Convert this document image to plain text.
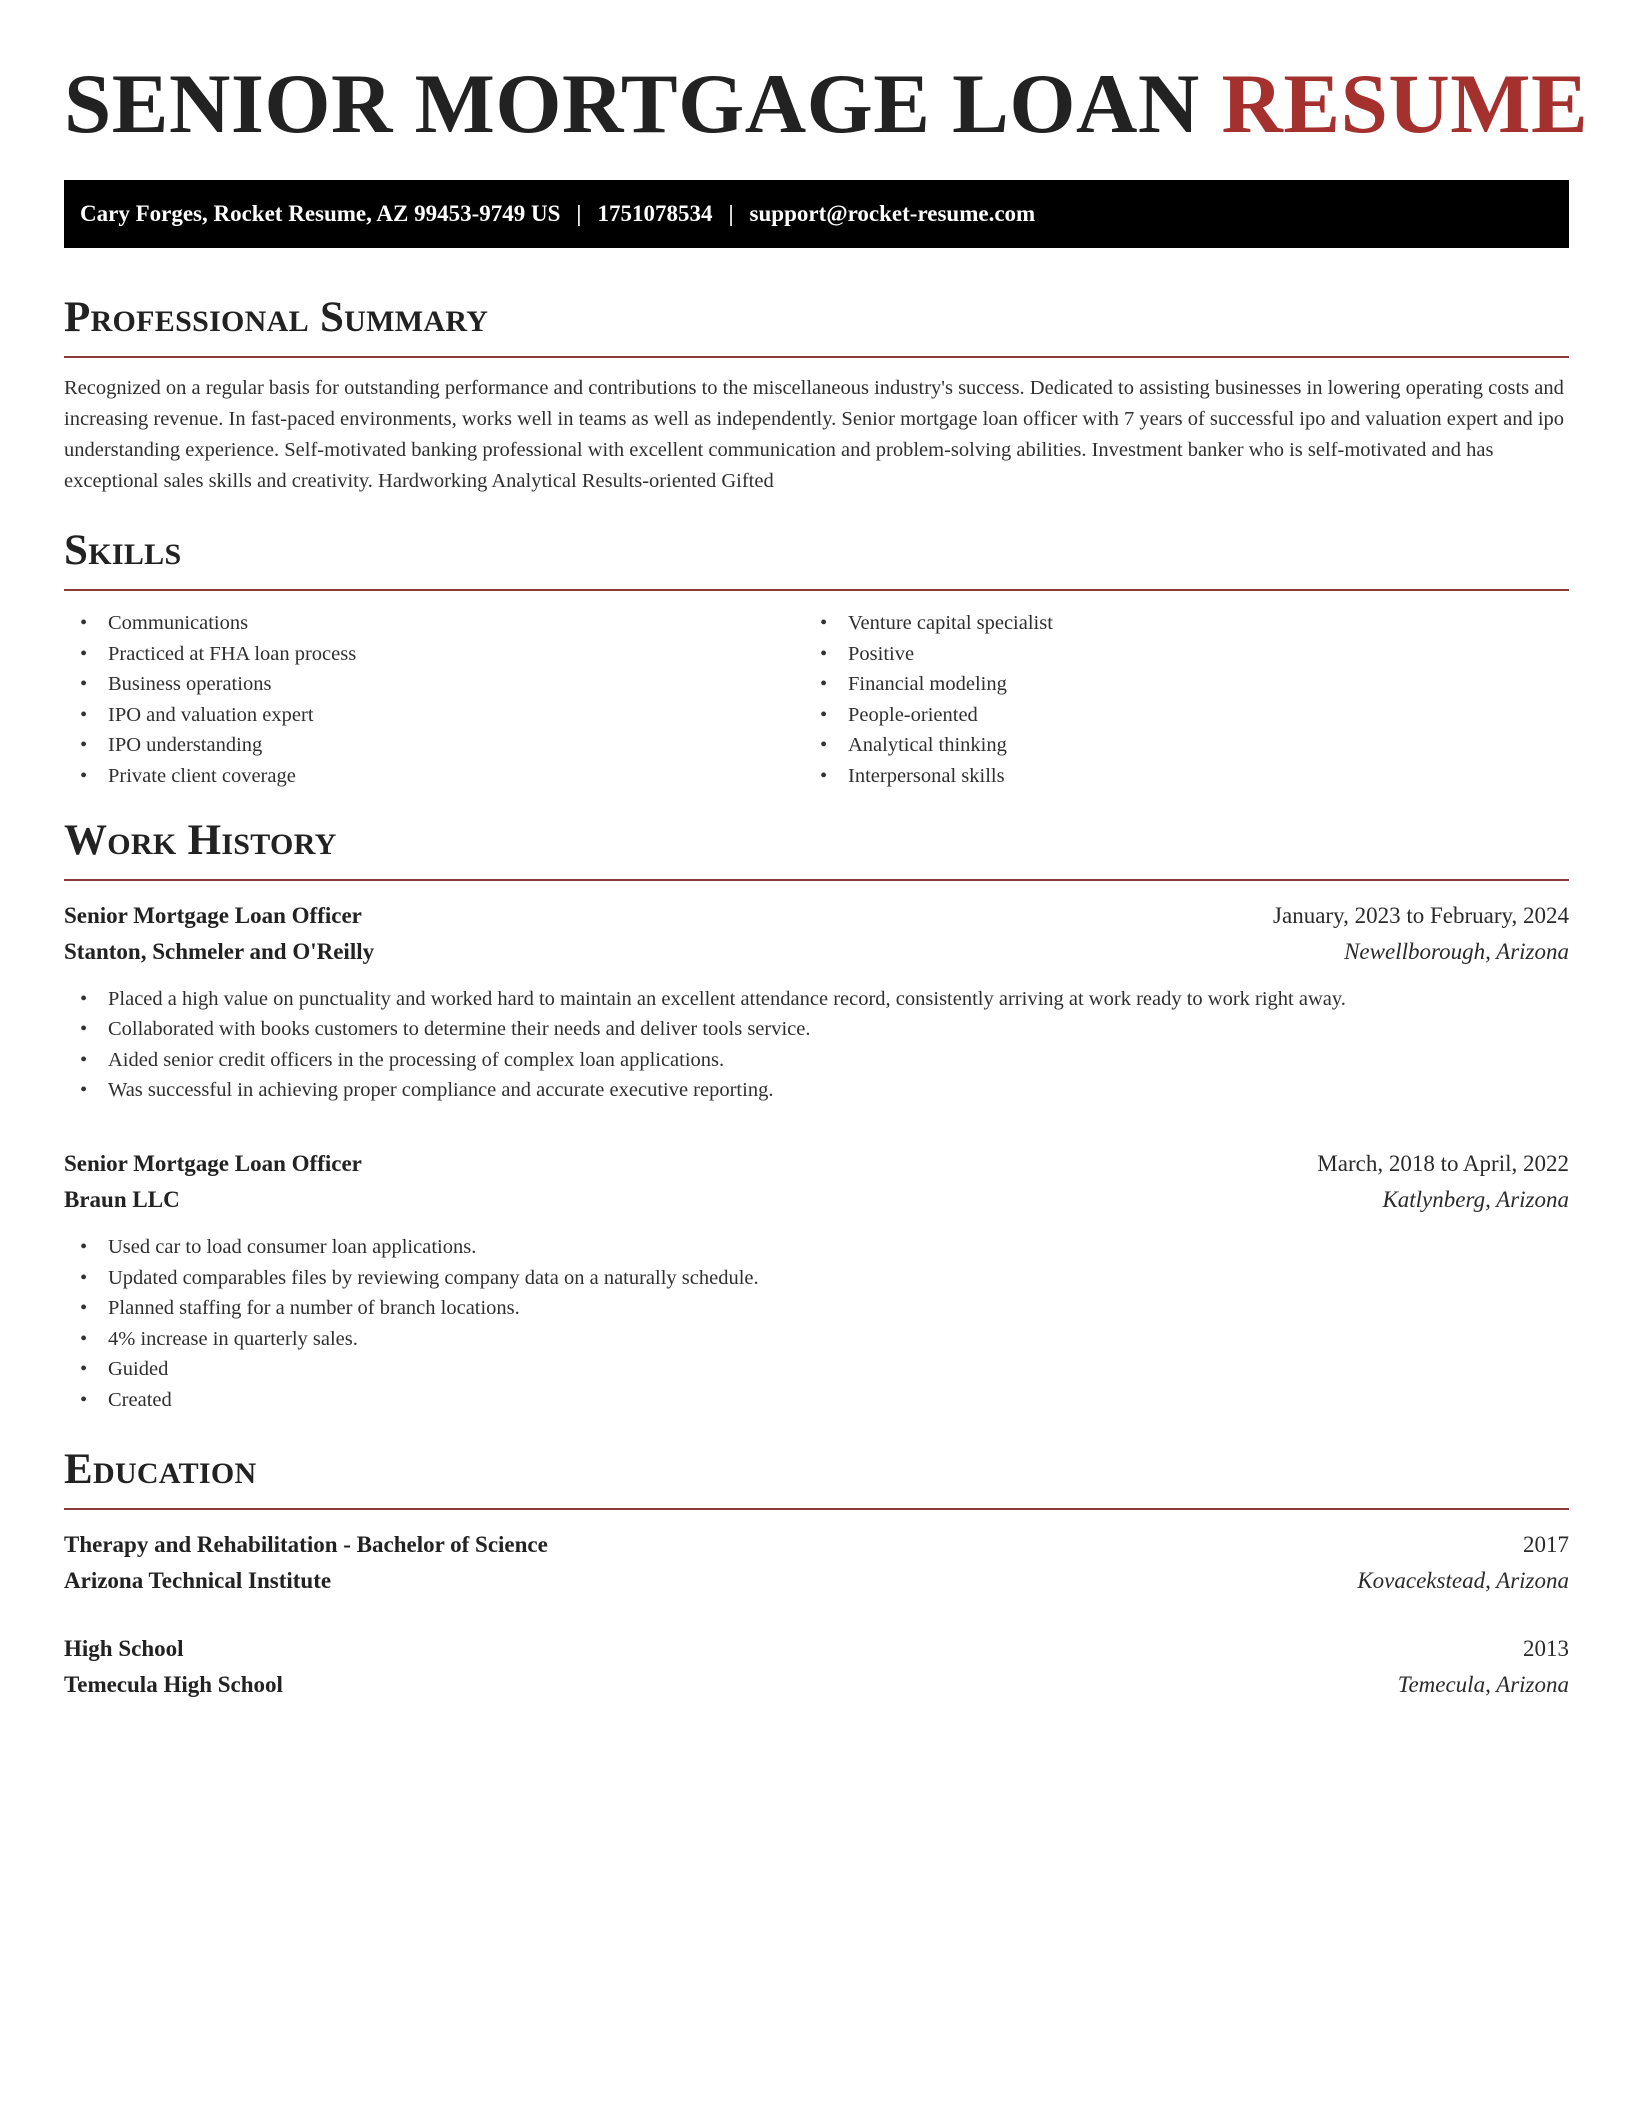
SENIOR MORTGAGE LOAN RESUME
Cary Forges, Rocket Resume, AZ 99453-9749 US | 1751078534 | support@rocket-resume.com
Professional Summary

Recognized on a regular basis for outstanding performance and contributions to the miscellaneous industry's success. Dedicated to assisting businesses in lowering operating costs and increasing revenue. In fast-paced environments, works well in teams as well as independently. Senior mortgage loan officer with 7 years of successful ipo and valuation expert and ipo understanding experience. Self-motivated banking professional with excellent communication and problem-solving abilities. Investment banker who is self-motivated and has exceptional sales skills and creativity. Hardworking Analytical Results-oriented Gifted

Skills
• Communications
• Practiced at FHA loan process
• Business operations
• IPO and valuation expert
• IPO understanding
• Private client coverage
• Venture capital specialist
• Positive
• Financial modeling
• People-oriented
• Analytical thinking
• Interpersonal skills
Work History
Senior Mortgage Loan Officer	January, 2023 to February, 2024
Stanton, Schmeler and O'Reilly	Newellborough, Arizona
• Placed a high value on punctuality and worked hard to maintain an excellent attendance record, consistently arriving at work ready to work right away.
• Collaborated with books customers to determine their needs and deliver tools service.
• Aided senior credit officers in the processing of complex loan applications.
• Was successful in achieving proper compliance and accurate executive reporting.
Senior Mortgage Loan Officer	March, 2018 to April, 2022
Braun LLC	Katlynberg, Arizona
• Used car to load consumer loan applications.
• Updated comparables files by reviewing company data on a naturally schedule.
• Planned staffing for a number of branch locations.
• 4% increase in quarterly sales.
• Guided
• Created
Education
Therapy and Rehabilitation - Bachelor of Science	2017
Arizona Technical Institute	Kovacekstead, Arizona
High School	2013
Temecula High School	Temecula, Arizona
